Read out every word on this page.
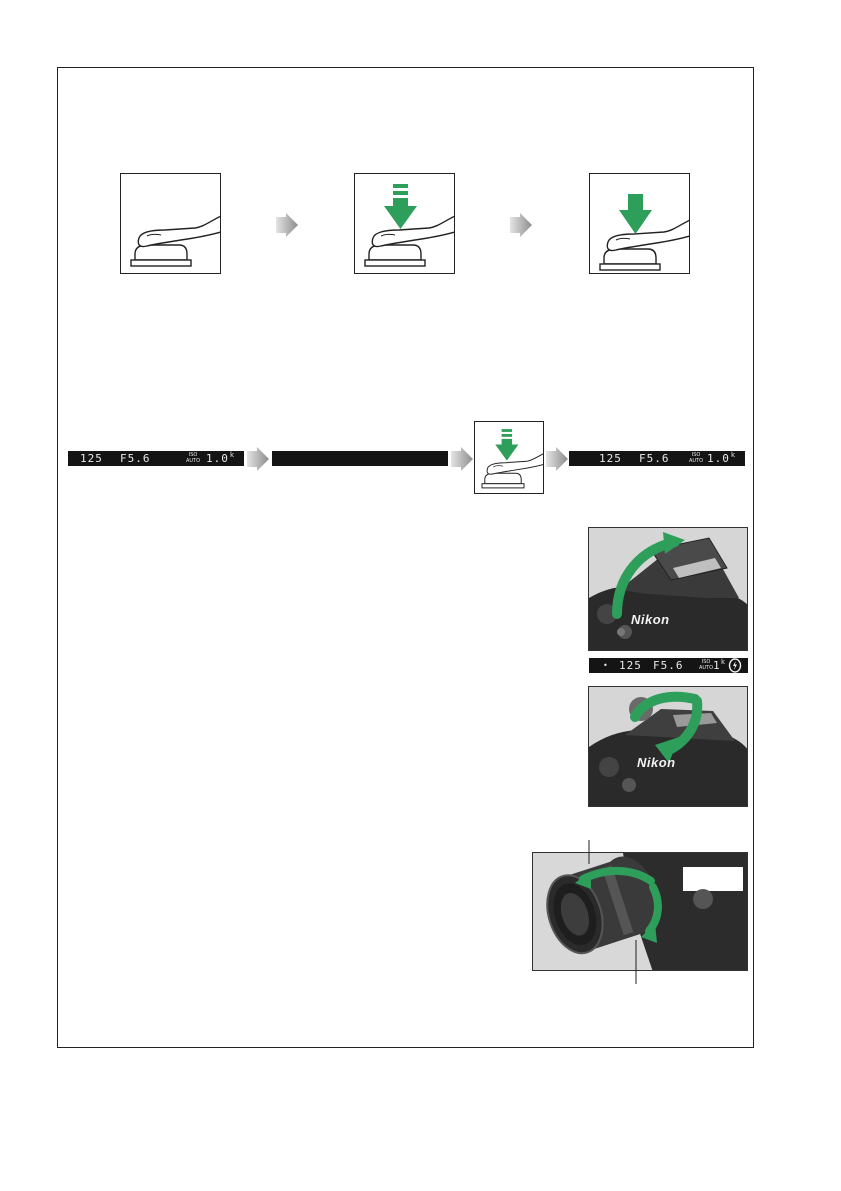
125 F5.6	ISO
AUTO 1.0 k	125 F5.6	ISO
AUTO 1.0 k
Nikon
• 125 F5.6	ISO
AUTO 1 k
Nikon
